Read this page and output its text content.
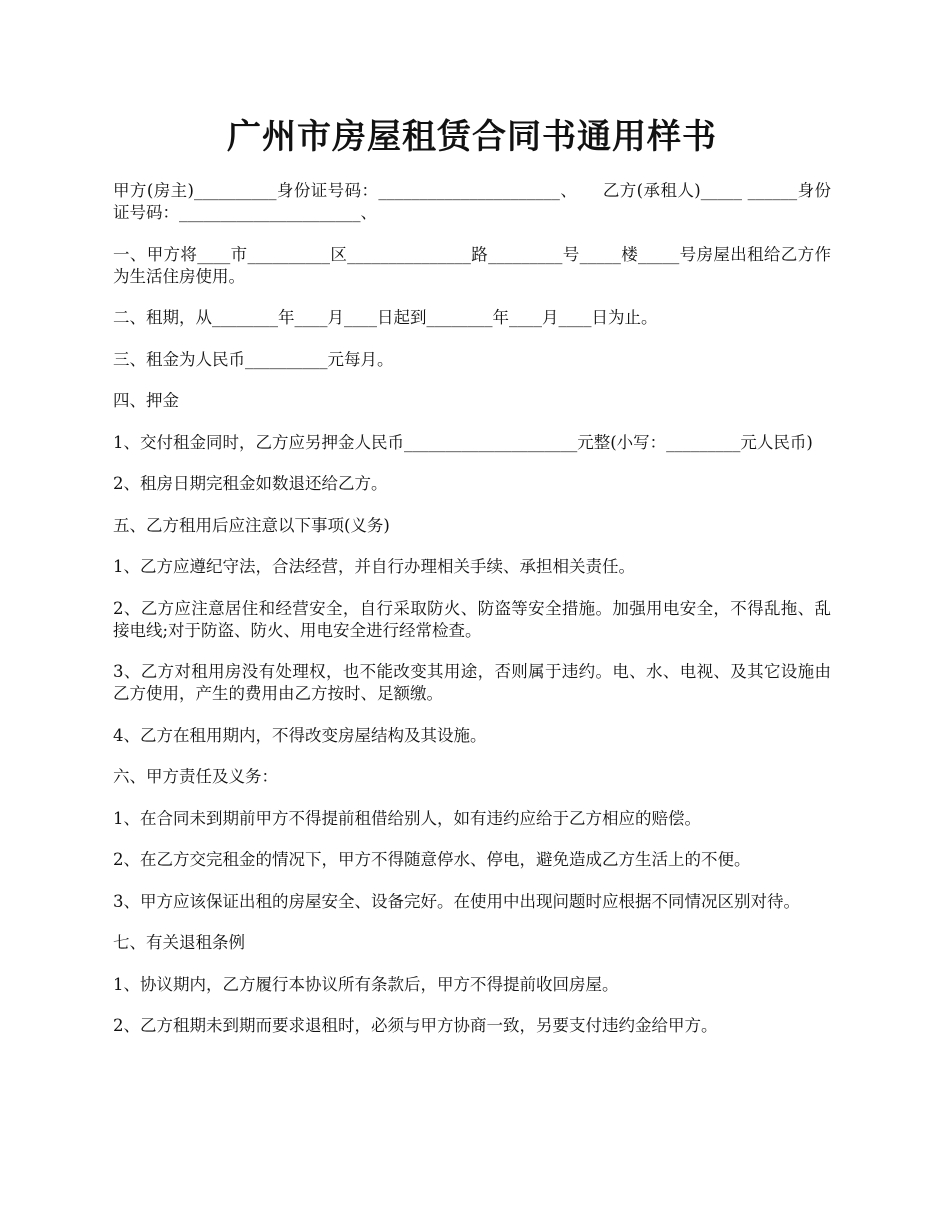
广州市房屋租赁合同书通用样书

甲方(房主)__________身份证号码：______________________、　　乙方(承租人)_____ ______身份证号码：______________________、

一、甲方将____市__________区_______________路_________号_____楼_____号房屋出租给乙方作为生活住房使用。

二、租期，从________年____月____日起到________年____月____日为止。

三、租金为人民币__________元每月。

四、押金

1、交付租金同时，乙方应另押金人民币_____________________元整(小写：_________元人民币)

2、租房日期完租金如数退还给乙方。

五、乙方租用后应注意以下事项(义务)

1、乙方应遵纪守法，合法经营，并自行办理相关手续、承担相关责任。

2、乙方应注意居住和经营安全，自行采取防火、防盗等安全措施。加强用电安全，不得乱拖、乱接电线;对于防盗、防火、用电安全进行经常检查。

3、乙方对租用房没有处理权，也不能改变其用途，否则属于违约。电、水、电视、及其它设施由乙方使用，产生的费用由乙方按时、足额缴。

4、乙方在租用期内，不得改变房屋结构及其设施。

六、甲方责任及义务：

1、在合同未到期前甲方不得提前租借给别人，如有违约应给于乙方相应的赔偿。

2、在乙方交完租金的情况下，甲方不得随意停水、停电，避免造成乙方生活上的不便。

3、甲方应该保证出租的房屋安全、设备完好。在使用中出现问题时应根据不同情况区别对待。

七、有关退租条例

1、协议期内，乙方履行本协议所有条款后，甲方不得提前收回房屋。

2、乙方租期未到期而要求退租时，必须与甲方协商一致，另要支付违约金给甲方。
